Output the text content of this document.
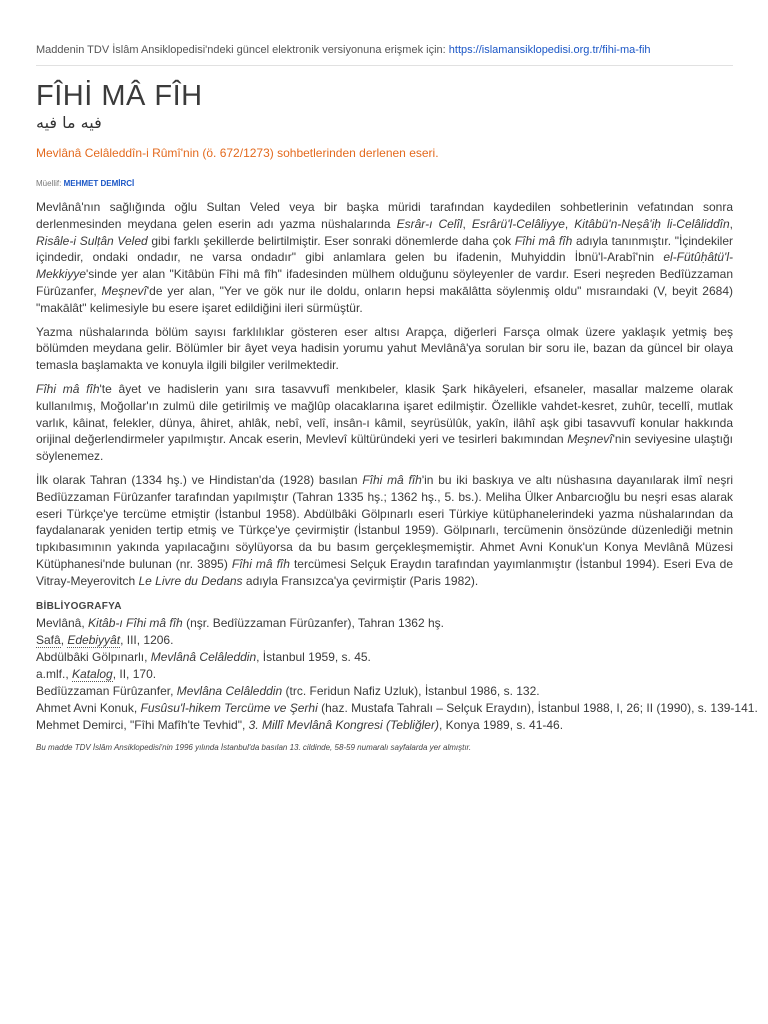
Maddenin TDV İslâm Ansiklopedisi'ndeki güncel elektronik versiyonuna erişmek için: https://islamansiklopedisi.org.tr/fihi-ma-fih
FÎHİ MÂ FÎH
فيه ما فيه
Mevlânâ Celâleddîn-i Rûmî'nin (ö. 672/1273) sohbetlerinden derlenen eseri.
Müellif: MEHMET DEMİRCİ

Mevlânâ'nın sağlığında oğlu Sultan Veled veya bir başka müridi tarafından kaydedilen sohbetlerinin vefatından sonra derlenmesinden meydana gelen eserin adı yazma nüshalarında Esrâr-ı Celîl, Esrârü'l-Celâliyye, Kitâbü'n-Neṣâ'iḥ li-Celâliddîn, Risâle-i Sulṭân Veled gibi farklı şekillerde belirtilmiştir. Eser sonraki dönemlerde daha çok Fîhi mâ fîh adıyla tanınmıştır. "İçindekiler içindedir, ondaki ondadır, ne varsa ondadır" gibi anlamlara gelen bu ifadenin, Muhyiddin İbnü'l-Arabî'nin el-Fütûḥâtü'l-Mekkiyye'sinde yer alan "Kitâbün Fîhi mâ fîh" ifadesinden mülhem olduğunu söyleyenler de vardır. Eseri neşreden Bedîüzzaman Fürûzanfer, Meşnevî'de yer alan, "Yer ve gök nur ile doldu, onların hepsi makālâtta söylenmiş oldu" mısraındaki (V, beyit 2684) "makālât" kelimesiyle bu esere işaret edildiğini ileri sürmüştür.

Yazma nüshalarında bölüm sayısı farklılıklar gösteren eser altısı Arapça, diğerleri Farsça olmak üzere yaklaşık yetmiş beş bölümden meydana gelir. Bölümler bir âyet veya hadisin yorumu yahut Mevlânâ'ya sorulan bir soru ile, bazan da güncel bir olaya temasla başlamakta ve konuyla ilgili bilgiler verilmektedir.

Fîhi mâ fîh'te âyet ve hadislerin yanı sıra tasavvufî menkıbeler, klasik Şark hikâyeleri, efsaneler, masallar malzeme olarak kullanılmış, Moğollar'ın zulmü dile getirilmiş ve mağlûp olacaklarına işaret edilmiştir. Özellikle vahdet-kesret, zuhûr, tecellî, mutlak varlık, kâinat, felekler, dünya, âhiret, ahlâk, nebî, velî, insân-ı kâmil, seyrüsülûk, yakîn, ilâhî aşk gibi tasavvufî konular hakkında orijinal değerlendirmeler yapılmıştır. Ancak eserin, Mevlevî kültüründeki yeri ve tesirleri bakımından Meşnevî'nin seviyesine ulaştığı söylenemez.

İlk olarak Tahran (1334 hş.) ve Hindistan'da (1928) basılan Fîhi mâ fîh'in bu iki baskıya ve altı nüshasına dayanılarak ilmî neşri Bedîüzzaman Fürûzanfer tarafından yapılmıştır (Tahran 1335 hş.; 1362 hş., 5. bs.). Meliha Ülker Anbarcıoğlu bu neşri esas alarak eseri Türkçe'ye tercüme etmiştir (İstanbul 1958). Abdülbâki Gölpınarlı eseri Türkiye kütüphanelerindeki yazma nüshalarından da faydalanarak yeniden tertip etmiş ve Türkçe'ye çevirmiştir (İstanbul 1959). Gölpınarlı, tercümenin önsözünde düzenlediği metnin tıpkıbasımının yakında yapılacağını söylüyorsa da bu basım gerçekleşmemiştir. Ahmet Avni Konuk'un Konya Mevlânâ Müzesi Kütüphanesi'nde bulunan (nr. 3895) Fîhi mâ fîh tercümesi Selçuk Eraydın tarafından yayımlanmıştır (İstanbul 1994). Eseri Eva de Vitray-Meyerovitch Le Livre du Dedans adıyla Fransızca'ya çevirmiştir (Paris 1982).

BİBLİYOGRAFYA
Mevlânâ, Kitâb-ı Fîhi mâ fîh (nşr. Bedîüzzaman Fürûzanfer), Tahran 1362 hş.
Safâ, Edebiyyât, III, 1206.
Abdülbâki Gölpınarlı, Mevlânâ Celâleddin, İstanbul 1959, s. 45.
a.mlf., Katalog, II, 170.
Bedîüzzaman Fürûzanfer, Mevlâna Celâleddin (trc. Feridun Nafiz Uzluk), İstanbul 1986, s. 132.
Ahmet Avni Konuk, Fusûsu'l-hikem Tercüme ve Şerhi (haz. Mustafa Tahralı – Selçuk Eraydın), İstanbul 1988, I, 26; II (1990), s. 139-141.
Mehmet Demirci, "Fîhi Mafîh'te Tevhid", 3. Millî Mevlânâ Kongresi (Tebliğler), Konya 1989, s. 41-46.
Bu madde TDV İslâm Ansiklopedisi'nin 1996 yılında İstanbul'da basılan 13. cildinde, 58-59 numaralı sayfalarda yer almıştır.
